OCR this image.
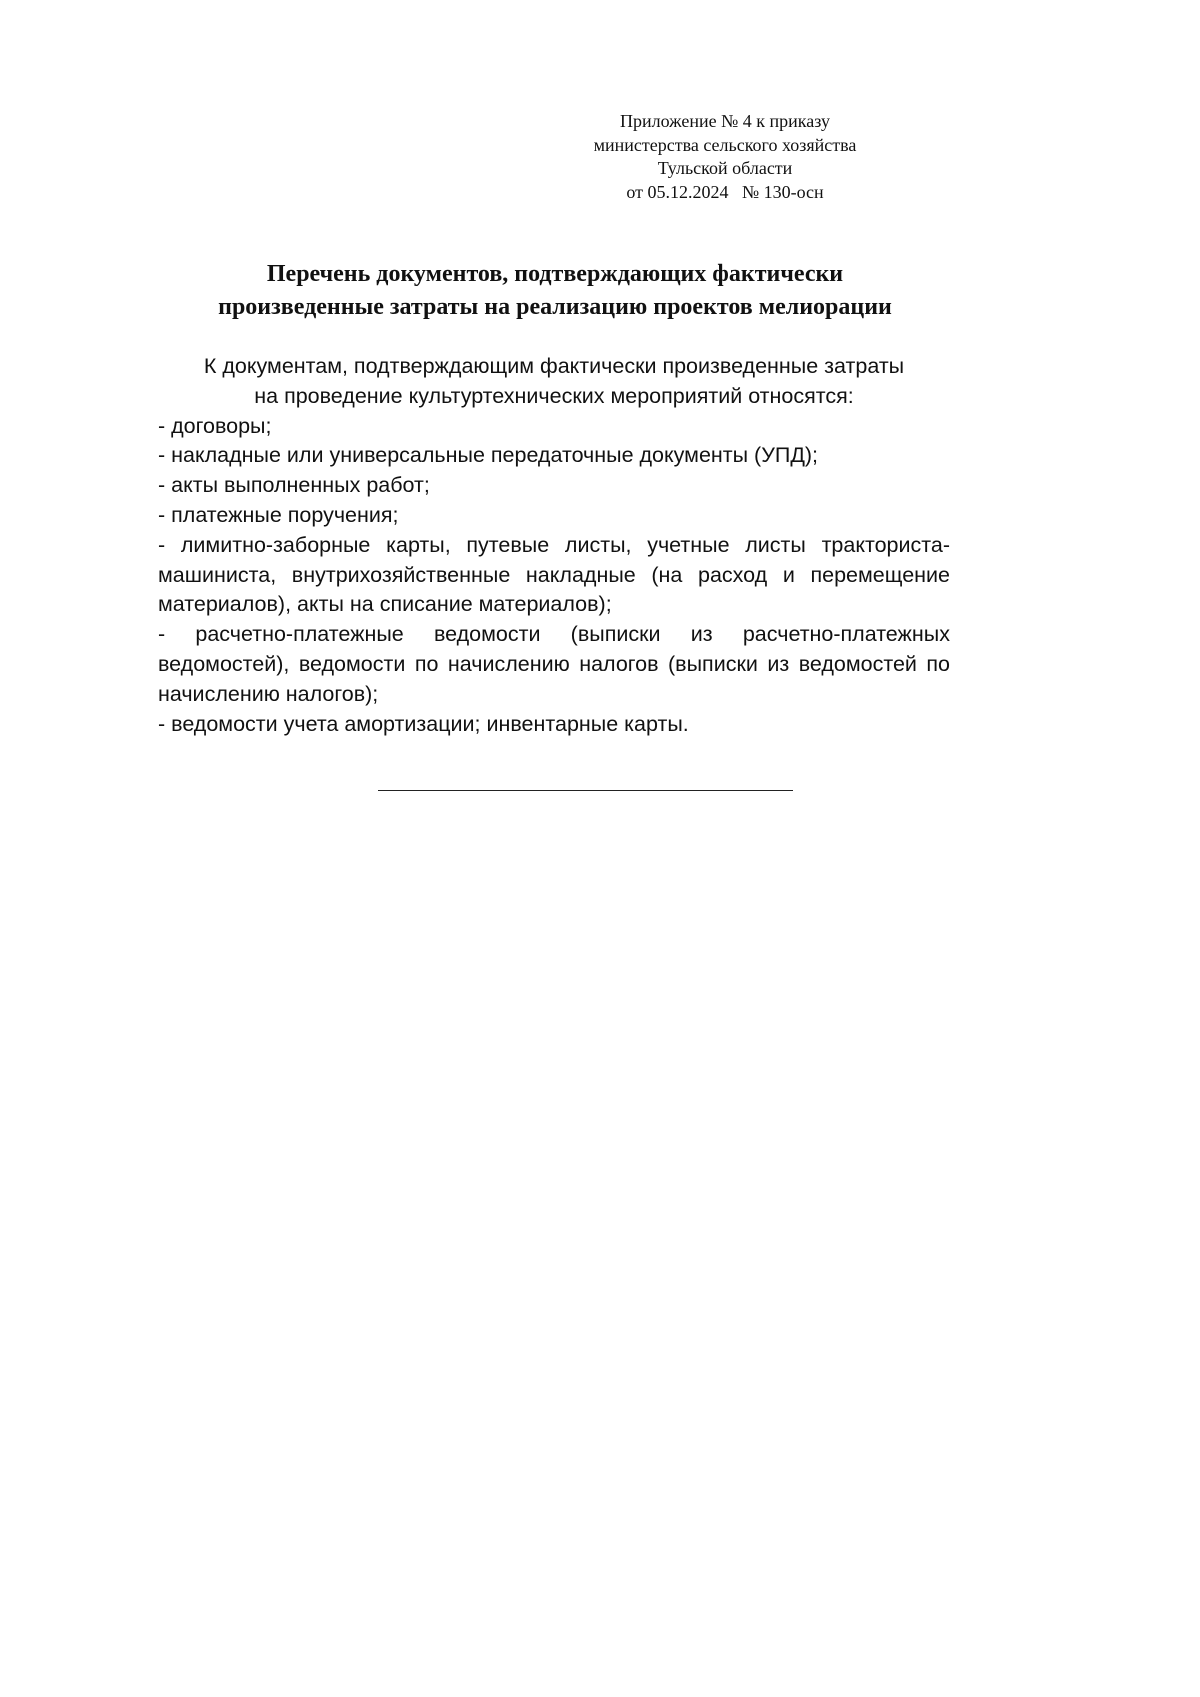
Приложение № 4 к приказу
министерства сельского хозяйства
Тульской области
от 05.12.2024   № 130-осн
Перечень документов, подтверждающих фактически
произведенные затраты на реализацию проектов мелиорации
К документам, подтверждающим фактически произведенные затраты
на проведение культуртехнических мероприятий относятся:

- договоры;

- накладные или универсальные передаточные документы (УПД);

- акты выполненных работ;

- платежные поручения;

- лимитно-заборные карты, путевые листы, учетные листы тракториста-машиниста, внутрихозяйственные накладные (на расход и перемещение материалов), акты на списание материалов);

- расчетно-платежные ведомости (выписки из расчетно-платежных ведомостей), ведомости по начислению налогов (выписки из ведомостей по начислению налогов);

- ведомости учета амортизации; инвентарные карты.
